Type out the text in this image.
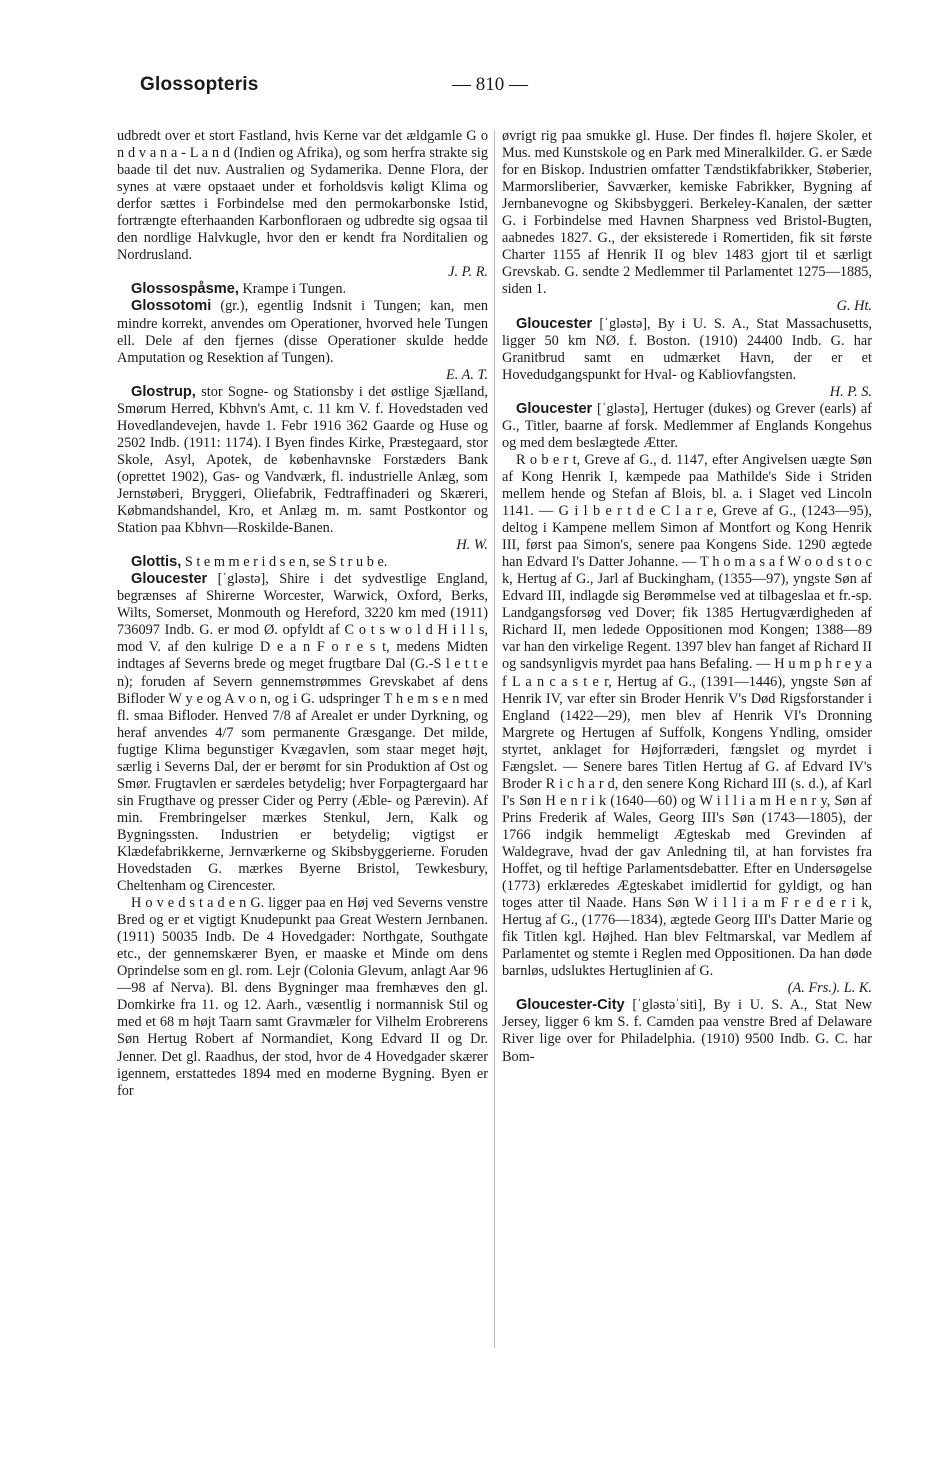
Glossopteris	— 810 —

udbredt over et stort Fastland, hvis Kerne var det ældgamle G o n d v a n a - L a n d (Indien og Afrika), og som herfra strakte sig baade til det nuv. Australien og Sydamerika. Denne Flora, der synes at være opstaaet under et forholdsvis køligt Klima og derfor sættes i Forbindelse med den permokarbonske Istid, fortrængte efterhaanden Karbonfloraen og udbredte sig ogsaa til den nordlige Halvkugle, hvor den er kendt fra Norditalien og Nordrusland.

J. P. R.

Glossospåsme, Krampe i Tungen.

Glossotomi (gr.), egentlig Indsnit i Tungen; kan, men mindre korrekt, anvendes om Operationer, hvorved hele Tungen ell. Dele af den fjernes (disse Operationer skulde hedde Amputation og Resektion af Tungen).

E. A. T.

Glostrup, stor Sogne- og Stationsby i det østlige Sjælland, Smørum Herred, Kbhvn's Amt, c. 11 km V. f. Hovedstaden ved Hovedlandevejen, havde 1. Febr 1916 362 Gaarde og Huse og 2502 Indb. (1911: 1174). I Byen findes Kirke, Præstegaard, stor Skole, Asyl, Apotek, de københavnske Forstæders Bank (oprettet 1902), Gas- og Vandværk, fl. industrielle Anlæg, som Jernstøberi, Bryggeri, Oliefabrik, Fedtraffinaderi og Skæreri, Købmandshandel, Kro, et Anlæg m. m. samt Postkontor og Station paa Kbhvn—Roskilde-Banen.

H. W.

Glottis, S t e m m e r i d s e n, se S t r u b e.

Gloucester [ˈgləstə], Shire i det sydvestlige England, begrænses af Shirerne Worcester, Warwick, Oxford, Berks, Wilts, Somerset, Monmouth og Hereford, 3220 km med (1911) 736097 Indb. G. er mod Ø. opfyldt af C o t s w o l d H i l l s, mod V. af den kulrige D e a n F o r e s t, medens Midten indtages af Severns brede og meget frugtbare Dal (G.-S l e t t e n); foruden af Severn gennemstrømmes Grevskabet af dens Bifloder W y e og A v o n, og i G. udspringer T h e m s e n med fl. smaa Bifloder. Henved 7/8 af Arealet er under Dyrkning, og heraf anvendes 4/7 som permanente Græsgange. Det milde, fugtige Klima begunstiger Kvægavlen, som staar meget højt, særlig i Severns Dal, der er berømt for sin Produktion af Ost og Smør. Frugtavlen er særdeles betydelig; hver Forpagtergaard har sin Frugthave og presser Cider og Perry (Æble- og Pærevin). Af min. Frembringelser mærkes Stenkul, Jern, Kalk og Bygningssten. Industrien er betydelig; vigtigst er Klædefabrikkerne, Jernværkerne og Skibsbyggerierne. Foruden Hovedstaden G. mærkes Byerne Bristol, Tewkesbury, Cheltenham og Cirencester.

H o v e d s t a d e n G. ligger paa en Høj ved Severns venstre Bred og er et vigtigt Knudepunkt paa Great Western Jernbanen. (1911) 50035 Indb. De 4 Hovedgader: Northgate, Southgate etc., der gennemskærer Byen, er maaske et Minde om dens Oprindelse som en gl. rom. Lejr (Colonia Glevum, anlagt Aar 96—98 af Nerva). Bl. dens Bygninger maa fremhæves den gl. Domkirke fra 11. og 12. Aarh., væsentlig i normannisk Stil og med et 68 m højt Taarn samt Gravmæler for Vilhelm Erobrerens Søn Hertug Robert af Normandiet, Kong Edvard II og Dr. Jenner. Det gl. Raadhus, der stod, hvor de 4 Hovedgader skærer igennem, erstattedes 1894 med en moderne Bygning. Byen er for

øvrigt rig paa smukke gl. Huse. Der findes fl. højere Skoler, et Mus. med Kunstskole og en Park med Mineralkilder. G. er Sæde for en Biskop. Industrien omfatter Tændstikfabrikker, Støberier, Marmorsliberier, Savværker, kemiske Fabrikker, Bygning af Jernbanevogne og Skibsbyggeri. Berkeley-Kanalen, der sætter G. i Forbindelse med Havnen Sharpness ved Bristol-Bugten, aabnedes 1827. G., der eksisterede i Romertiden, fik sit første Charter 1155 af Henrik II og blev 1483 gjort til et særligt Grevskab. G. sendte 2 Medlemmer til Parlamentet 1275—1885, siden 1.

G. Ht.

Gloucester [ˈgləstə], By i U. S. A., Stat Massachusetts, ligger 50 km NØ. f. Boston. (1910) 24400 Indb. G. har Granitbrud samt en udmærket Havn, der er et Hovedudgangspunkt for Hval- og Kabliovfangsten.

H. P. S.

Gloucester [ˈgləstə], Hertuger (dukes) og Grever (earls) af G., Titler, baarne af forsk. Medlemmer af Englands Kongehus og med dem beslægtede Ætter.

R o b e r t, Greve af G., d. 1147, efter Angivelsen uægte Søn af Kong Henrik I, kæmpede paa Mathilde's Side i Striden mellem hende og Stefan af Blois, bl. a. i Slaget ved Lincoln 1141. — G i l b e r t d e C l a r e, Greve af G., (1243—95), deltog i Kampene mellem Simon af Montfort og Kong Henrik III, først paa Simon's, senere paa Kongens Side. 1290 ægtede han Edvard I's Datter Johanne. — T h o m a s a f W o o d s t o c k, Hertug af G., Jarl af Buckingham, (1355—97), yngste Søn af Edvard III, indlagde sig Berømmelse ved at tilbageslaa et fr.-sp. Landgangsforsøg ved Dover; fik 1385 Hertugværdigheden af Richard II, men ledede Oppositionen mod Kongen; 1388—89 var han den virkelige Regent. 1397 blev han fanget af Richard II og sandsynligvis myrdet paa hans Befaling. — H u m p h r e y a f L a n c a s t e r, Hertug af G., (1391—1446), yngste Søn af Henrik IV, var efter sin Broder Henrik V's Død Rigsforstander i England (1422—29), men blev af Henrik VI's Dronning Margrete og Hertugen af Suffolk, Kongens Yndling, omsider styrtet, anklaget for Højforræderi, fængslet og myrdet i Fængslet. — Senere bares Titlen Hertug af G. af Edvard IV's Broder R i c h a r d, den senere Kong Richard III (s. d.), af Karl I's Søn H e n r i k (1640—60) og W i l l i a m H e n r y, Søn af Prins Frederik af Wales, Georg III's Søn (1743—1805), der 1766 indgik hemmeligt Ægteskab med Grevinden af Waldegrave, hvad der gav Anledning til, at han forvistes fra Hoffet, og til heftige Parlamentsdebatter. Efter en Undersøgelse (1773) erklæredes Ægteskabet imidlertid for gyldigt, og han toges atter til Naade. Hans Søn W i l l i a m F r e d e r i k, Hertug af G., (1776—1834), ægtede Georg III's Datter Marie og fik Titlen kgl. Højhed. Han blev Feltmarskal, var Medlem af Parlamentet og stemte i Reglen med Oppositionen. Da han døde barnløs, udsluktes Hertuglinien af G.

(A. Frs.). L. K.

Gloucester-City [ˈgləstəˈsiti], By i U. S. A., Stat New Jersey, ligger 6 km S. f. Camden paa venstre Bred af Delaware River lige over for Philadelphia. (1910) 9500 Indb. G. C. har Bom-
